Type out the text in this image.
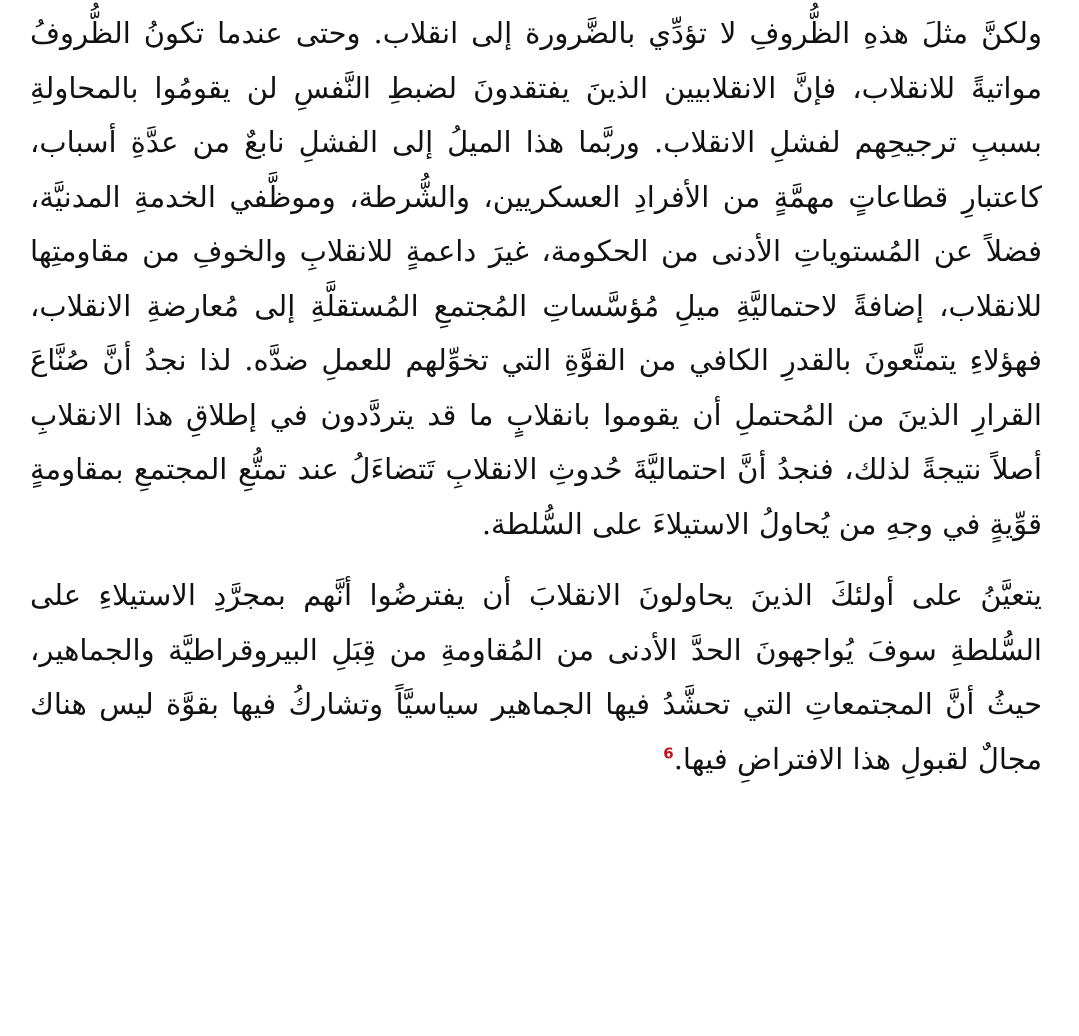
ولكنَّ مثلَ هذهِ الظُّروفِ لا تؤدِّي بالضَّرورة إلى انقلاب. وحتى عندما تكونُ الظُّروفُ مواتيةً للانقلاب، فإنَّ الانقلابيين الذينَ يفتقدونَ لضبطِ النَّفسِ لن يقومُوا بالمحاولةِ بسببِ ترجيحِهم لفشلِ الانقلاب. وربَّما هذا الميلُ إلى الفشلِ نابعٌ من عدَّةِ أسباب، كاعتبارِ قطاعاتٍ مهمَّةٍ من الأفرادِ العسكريين، والشُّرطة، وموظَّفي الخدمةِ المدنيَّة، فضلاً عن المُستوياتِ الأدنى من الحكومة، غيرَ داعمةٍ للانقلابِ والخوفِ من مقاومتِها للانقلاب، إضافةً لاحتماليَّةِ ميلِ مُؤسَّساتِ المُجتمعِ المُستقلَّةِ إلى مُعارضةِ الانقلاب، فهؤلاءِ يتمتَّعونَ بالقدرِ الكافي من القوَّةِ التي تخوِّلهم للعملِ ضدَّه. لذا نجدُ أنَّ صُنَّاعَ القرارِ الذينَ من المُحتملِ أن يقوموا بانقلابٍ ما قد يتردَّدون في إطلاقِ هذا الانقلابِ أصلاً نتيجةً لذلك، فنجدُ أنَّ احتماليَّةَ حُدوثِ الانقلابِ تَتضاءَلُ عند تمتُّعِ المجتمعِ بمقاومةٍ قوِّيةٍ في وجهِ من يُحاولُ الاستيلاءَ على السُّلطة.

يتعيَّنُ على أولئكَ الذينَ يحاولونَ الانقلابَ أن يفترضُوا أنَّهم بمجرَّدِ الاستيلاءِ على السُّلطةِ سوفَ يُواجهونَ الحدَّ الأدنى من المُقاومةِ من قِبَلِ البيروقراطيَّة والجماهير، حيثُ أنَّ المجتمعاتِ التي تحشَّدُ فيها الجماهير سياسيَّاً وتشاركُ فيها بقوَّة ليس هناك مجالٌ لقبولِ هذا الافتراضِ فيها.$^6$
